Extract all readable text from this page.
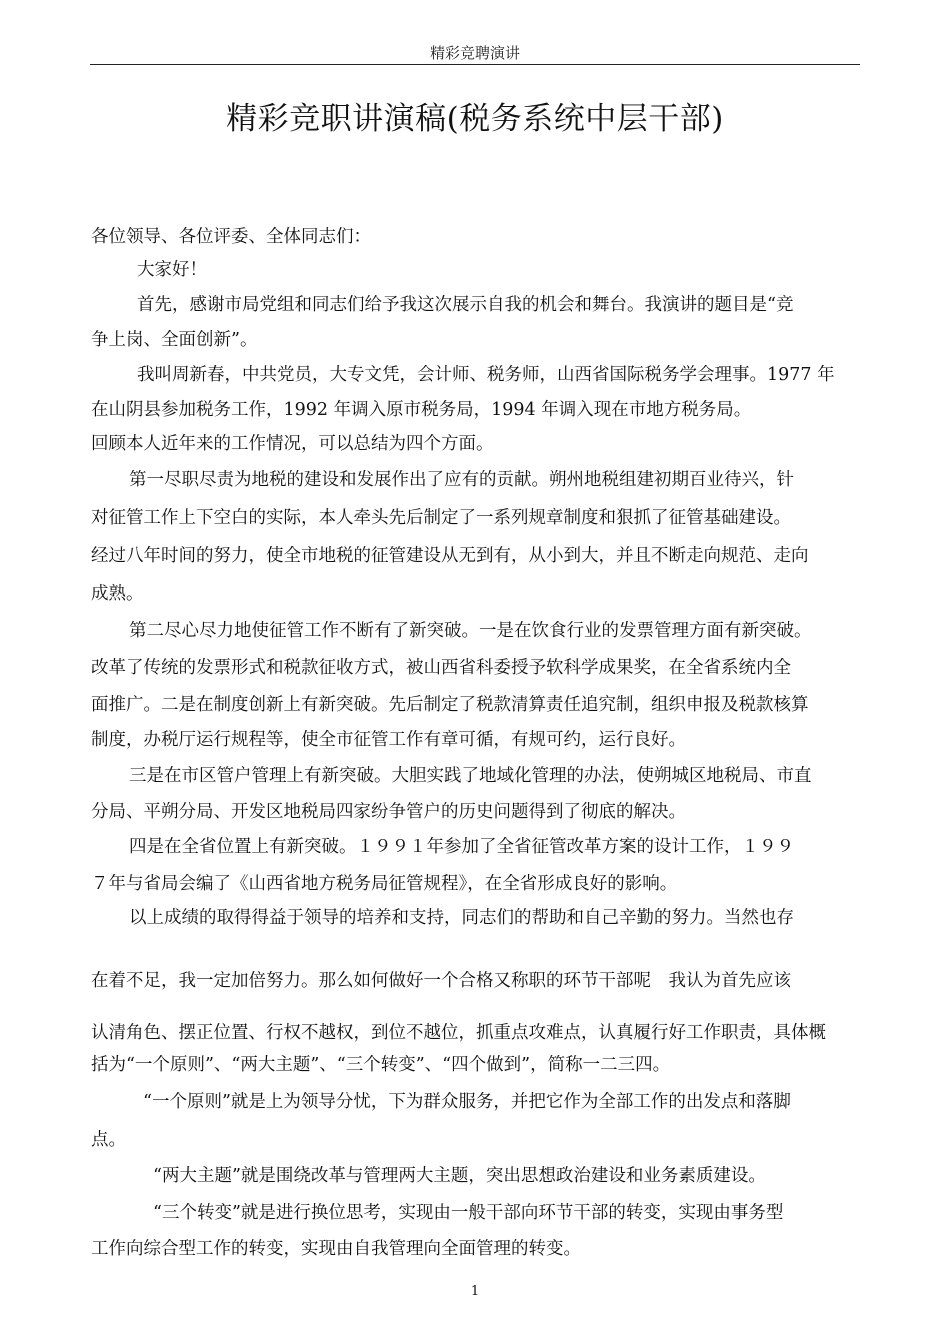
精彩竞聘演讲
精彩竞职讲演稿(税务系统中层干部)
各位领导、各位评委、全体同志们：
大家好！
首先，感谢市局党组和同志们给予我这次展示自我的机会和舞台。我演讲的题目是“竞
争上岗、全面创新”。
我叫周新春，中共党员，大专文凭，会计师、税务师，山西省国际税务学会理事。1977 年
在山阴县参加税务工作，1992 年调入原市税务局，1994 年调入现在市地方税务局。
回顾本人近年来的工作情况，可以总结为四个方面。
第一尽职尽责为地税的建设和发展作出了应有的贡献。朔州地税组建初期百业待兴，针
对征管工作上下空白的实际，本人牵头先后制定了一系列规章制度和狠抓了征管基础建设。
经过八年时间的努力，使全市地税的征管建设从无到有，从小到大，并且不断走向规范、走向
成熟。
第二尽心尽力地使征管工作不断有了新突破。一是在饮食行业的发票管理方面有新突破。
改革了传统的发票形式和税款征收方式，被山西省科委授予软科学成果奖，在全省系统内全
面推广。二是在制度创新上有新突破。先后制定了税款清算责任追究制，组织申报及税款核算
制度，办税厅运行规程等，使全市征管工作有章可循，有规可约，运行良好。
三是在市区管户管理上有新突破。大胆实践了地域化管理的办法，使朔城区地税局、市直
分局、平朔分局、开发区地税局四家纷争管户的历史问题得到了彻底的解决。
四是在全省位置上有新突破。１９９１年参加了全省征管改革方案的设计工作，１９９
７年与省局会编了《山西省地方税务局征管规程》，在全省形成良好的影响。
以上成绩的取得得益于领导的培养和支持，同志们的帮助和自己辛勤的努力。当然也存
在着不足，我一定加倍努力。那么如何做好一个合格又称职的环节干部呢　我认为首先应该
认清角色、摆正位置、行权不越权，到位不越位，抓重点攻难点，认真履行好工作职责，具体概
括为“一个原则”、“两大主题”、“三个转变”、“四个做到”，简称一二三四。
“一个原则”就是上为领导分忧，下为群众服务，并把它作为全部工作的出发点和落脚
点。
“两大主题”就是围绕改革与管理两大主题，突出思想政治建设和业务素质建设。
“三个转变”就是进行换位思考，实现由一般干部向环节干部的转变，实现由事务型
工作向综合型工作的转变，实现由自我管理向全面管理的转变。
1
